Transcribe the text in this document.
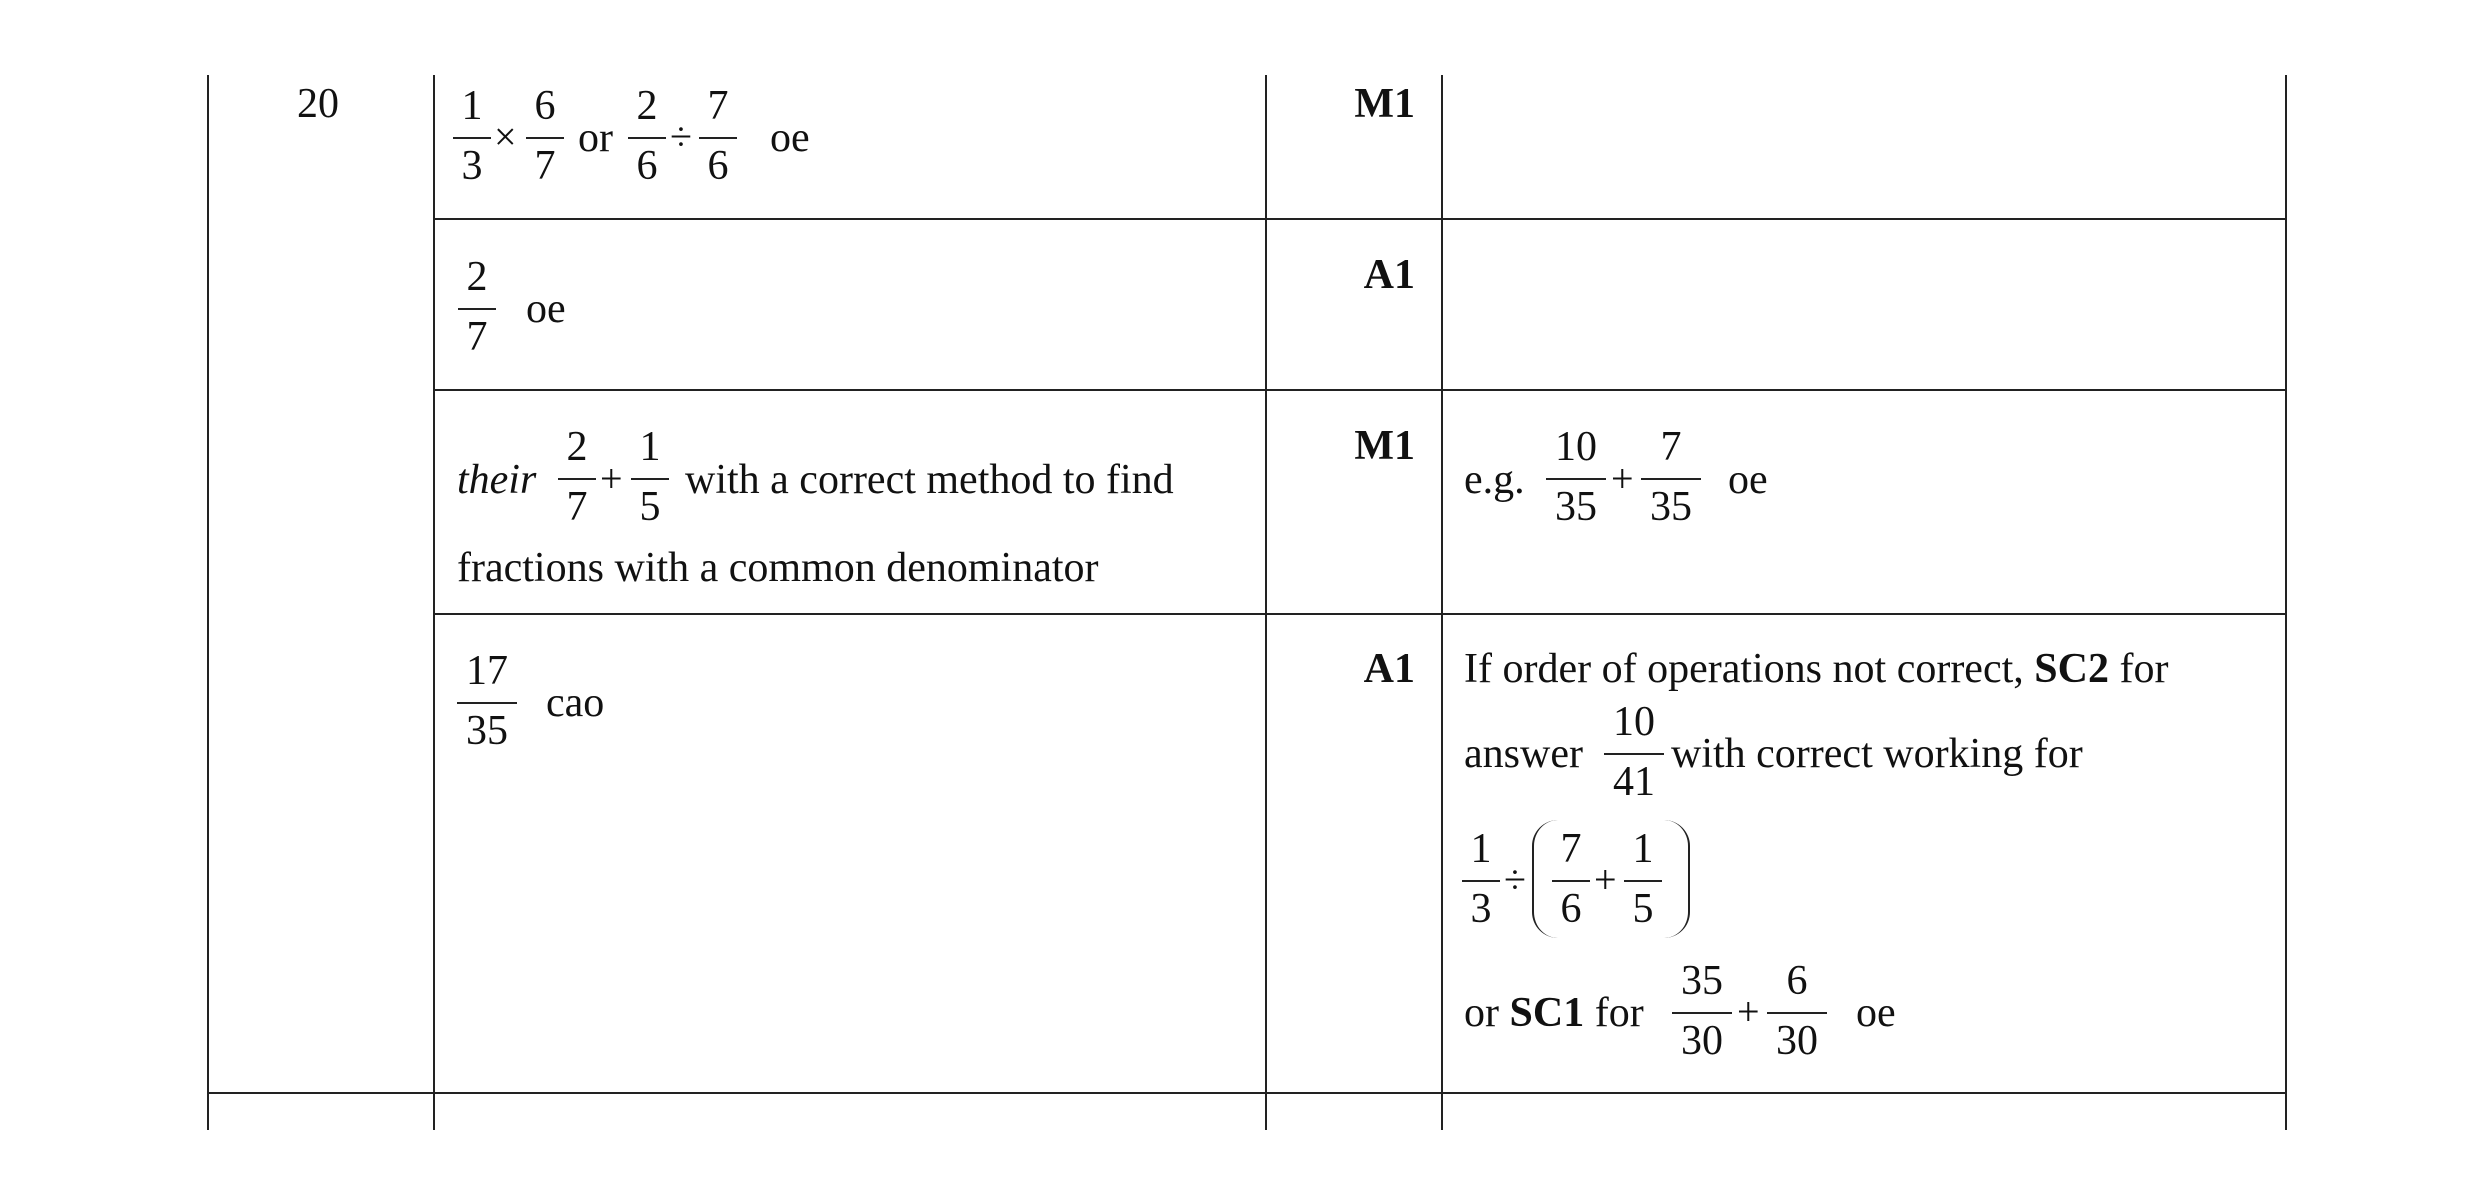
20	1
3
×
6
7
or
2
6
÷
7
6
oe
M1
2
7
oe
A1
their
2
7
+
1
5
with a correct method to find
fractions with a common denominator
M1
e.g.
10
35
+
7
35
oe
17
35
cao
A1 If order of operations not correct, SC2 for
answer
10
41
with correct working for
1
3
÷
7
6
+
1
5
or SC1 for
35
30
+
6
30
oe
